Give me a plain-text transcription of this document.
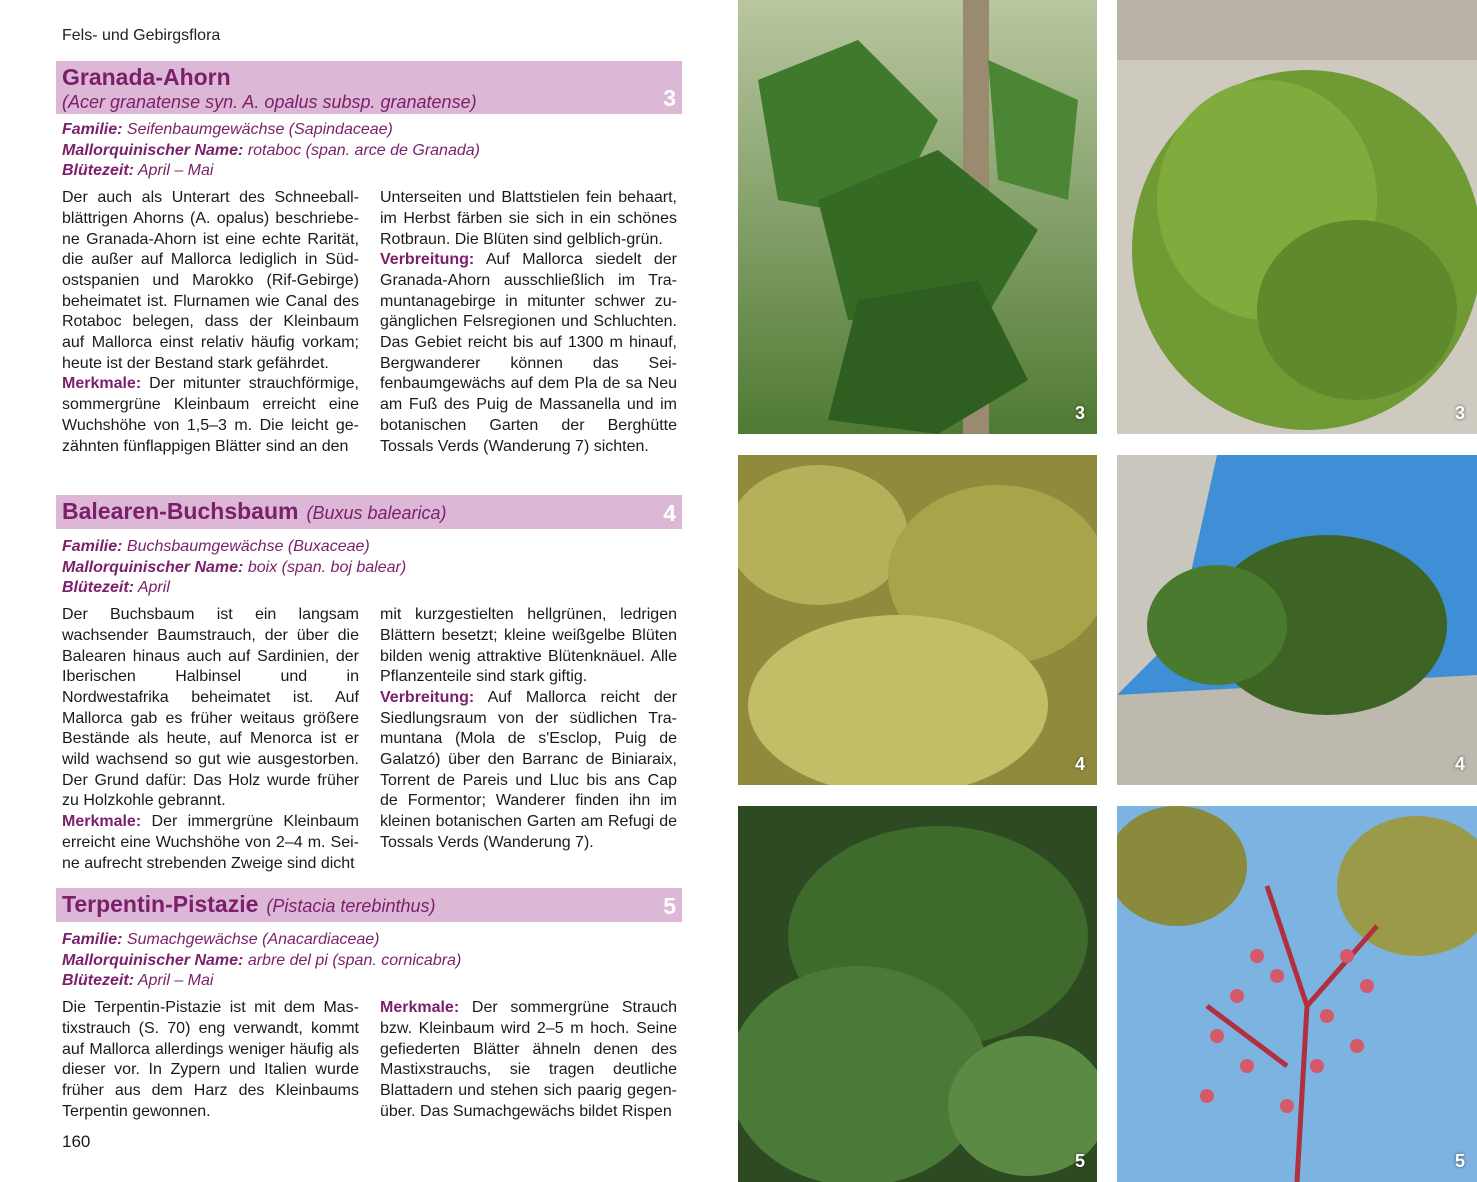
Fels- und Gebirgsflora
Granada-Ahorn
(Acer granatense syn. A. opalus subsp. granatense)	3
Familie: Seifenbaumgewächse (Sapindaceae)
Mallorquinischer Name: rotaboc (span. arce de Granada)
Blütezeit: April – Mai

Der auch als Unterart des Schneeballblättrigen Ahorns (A. opalus) beschriebene Granada-Ahorn ist eine echte Rarität, die außer auf Mallorca lediglich in Südostspanien und Marokko (Rif-Gebirge) beheimatet ist. Flurnamen wie Canal des Rotaboc belegen, dass der Kleinbaum auf Mallorca einst relativ häufig vorkam; heute ist der Bestand stark gefährdet.

Merkmale: Der mitunter strauchförmige, sommergrüne Kleinbaum erreicht eine Wuchshöhe von 1,5–3 m. Die leicht gezähnten fünflappigen Blätter sind an den

Unterseiten und Blattstielen fein behaart, im Herbst färben sie sich in ein schönes Rotbraun. Die Blüten sind gelblich-grün.

Verbreitung: Auf Mallorca siedelt der Granada-Ahorn ausschließlich im Tramuntanagebirge in mitunter schwer zugänglichen Felsregionen und Schluchten. Das Gebiet reicht bis auf 1300 m hinauf, Bergwanderer können das Seifenbaumgewächs auf dem Pla de sa Neu am Fuß des Puig de Massanella und im botanischen Garten der Berghütte Tossals Verds (Wanderung 7) sichten.

Balearen-Buchsbaum (Buxus balearica)	4
Familie: Buchsbaumgewächse (Buxaceae)
Mallorquinischer Name: boix (span. boj balear)
Blütezeit: April

Der Buchsbaum ist ein langsam wachsender Baumstrauch, der über die Balearen hinaus auch auf Sardinien, der Iberischen Halbinsel und in Nordwestafrika beheimatet ist. Auf Mallorca gab es früher weitaus größere Bestände als heute, auf Menorca ist er wild wachsend so gut wie ausgestorben. Der Grund dafür: Das Holz wurde früher zu Holzkohle gebrannt.

Merkmale: Der immergrüne Kleinbaum erreicht eine Wuchshöhe von 2–4 m. Seine aufrecht strebenden Zweige sind dicht

mit kurzgestielten hellgrünen, ledrigen Blättern besetzt; kleine weißgelbe Blüten bilden wenig attraktive Blütenknäuel. Alle Pflanzenteile sind stark giftig.

Verbreitung: Auf Mallorca reicht der Siedlungsraum von der südlichen Tramuntana (Mola de s'Esclop, Puig de Galatzó) über den Barranc de Biniaraix, Torrent de Pareis und Lluc bis ans Cap de Formentor; Wanderer finden ihn im kleinen botanischen Garten am Refugi de Tossals Verds (Wanderung 7).

Terpentin-Pistazie (Pistacia terebinthus)	5
Familie: Sumachgewächse (Anacardiaceae)
Mallorquinischer Name: arbre del pi (span. cornicabra)
Blütezeit: April – Mai

Die Terpentin-Pistazie ist mit dem Mastixstrauch (S. 70) eng verwandt, kommt auf Mallorca allerdings weniger häufig als dieser vor. In Zypern und Italien wurde früher aus dem Harz des Kleinbaums Terpentin gewonnen.

Merkmale: Der sommergrüne Strauch bzw. Kleinbaum wird 2–5 m hoch. Seine gefiederten Blätter ähneln denen des Mastixstrauchs, sie tragen deutliche Blattadern und stehen sich paarig gegenüber. Das Sumachgewächs bildet Rispen

160
3	3
4	4
5	5
